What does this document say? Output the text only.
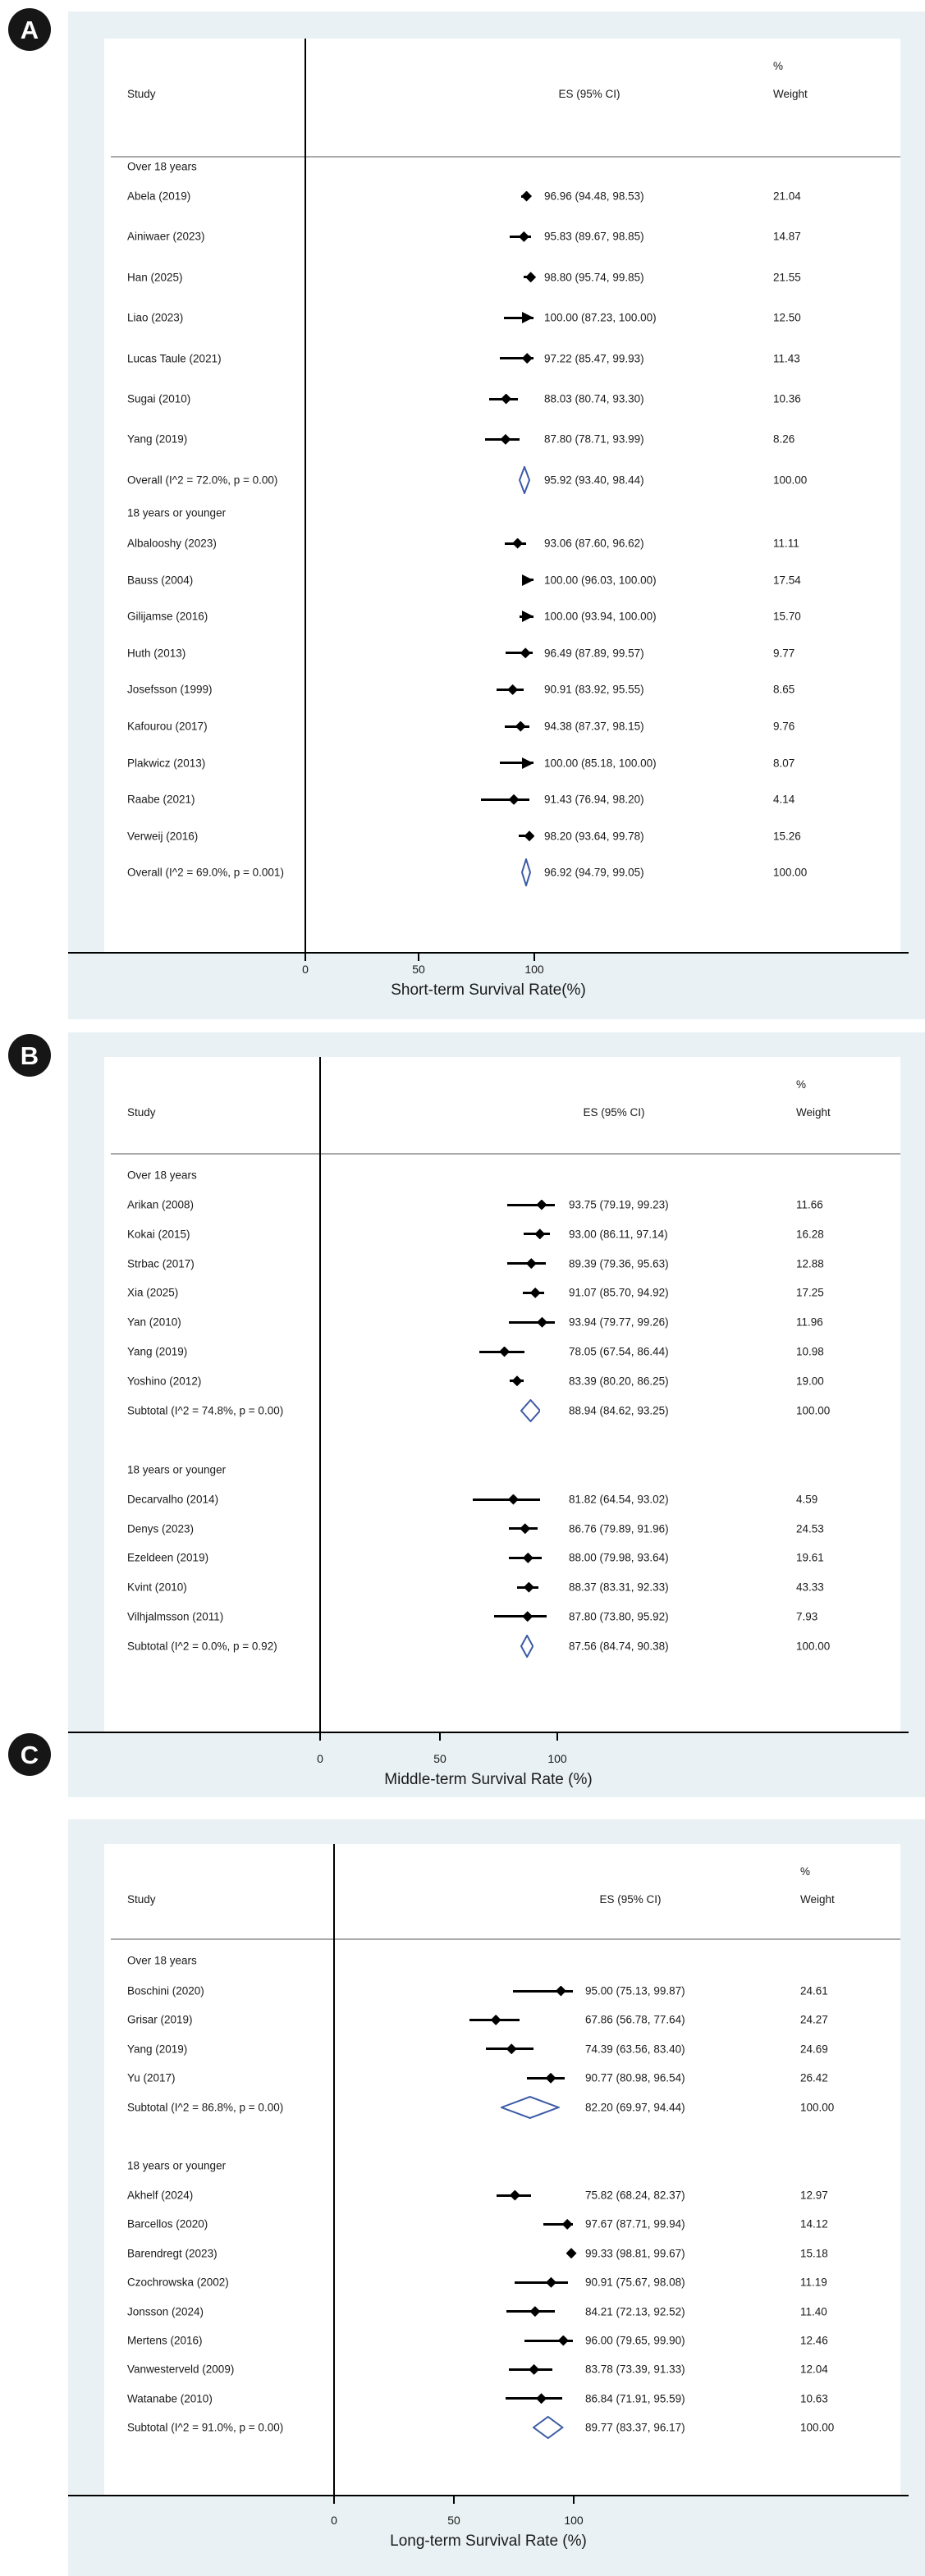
A
Study
%
ES (95% CI)	Weight
Over 18 years
Abela (2019)	96.96 (94.48, 98.53)	21.04
Ainiwaer (2023)	95.83 (89.67, 98.85)	14.87
Han (2025)	98.80 (95.74, 99.85)	21.55
Liao (2023)	100.00 (87.23, 100.00)	12.50
Lucas Taule (2021)	97.22 (85.47, 99.93)	11.43
Sugai (2010)	88.03 (80.74, 93.30)	10.36
Yang (2019)	87.80 (78.71, 93.99)	8.26
Overall (I^2 = 72.0%, p = 0.00)	95.92 (93.40, 98.44)	100.00
18 years or younger
Albalooshy (2023)	93.06 (87.60, 96.62)	11.11
Bauss (2004)	100.00 (96.03, 100.00)	17.54
Gilijamse (2016)	100.00 (93.94, 100.00)	15.70
Huth (2013)	96.49 (87.89, 99.57)	9.77
Josefsson (1999)	90.91 (83.92, 95.55)	8.65
Kafourou (2017)	94.38 (87.37, 98.15)	9.76
Plakwicz (2013)	100.00 (85.18, 100.00)	8.07
Raabe (2021)	91.43 (76.94, 98.20)	4.14
Verweij (2016)	98.20 (93.64, 99.78)	15.26
Overall (I^2 = 69.0%, p = 0.001)	96.92 (94.79, 99.05)	100.00
0	50	100
Short-term Survival Rate(%)
B
Study
%
ES (95% CI)	Weight
Over 18 years
Arikan (2008)	93.75 (79.19, 99.23)	11.66
Kokai (2015)	93.00 (86.11, 97.14)	16.28
Strbac (2017)	89.39 (79.36, 95.63)	12.88
Xia (2025)	91.07 (85.70, 94.92)	17.25
Yan (2010)	93.94 (79.77, 99.26)	11.96
Yang (2019)	78.05 (67.54, 86.44)	10.98
Yoshino (2012)	83.39 (80.20, 86.25)	19.00
Subtotal (I^2 = 74.8%, p = 0.00)	88.94 (84.62, 93.25)	100.00
18 years or younger
Decarvalho (2014)	81.82 (64.54, 93.02)	4.59
Denys (2023)	86.76 (79.89, 91.96)	24.53
Ezeldeen (2019)	88.00 (79.98, 93.64)	19.61
Kvint (2010)	88.37 (83.31, 92.33)	43.33
Vilhjalmsson (2011)	87.80 (73.80, 95.92)	7.93
Subtotal (I^2 = 0.0%, p = 0.92)	87.56 (84.74, 90.38)	100.00
0	50	100
Middle-term Survival Rate (%)
C
Study
%
ES (95% CI)	Weight
Over 18 years
Boschini (2020)	95.00 (75.13, 99.87)	24.61
Grisar (2019)	67.86 (56.78, 77.64)	24.27
Yang (2019)	74.39 (63.56, 83.40)	24.69
Yu (2017)	90.77 (80.98, 96.54)	26.42
Subtotal (I^2 = 86.8%, p = 0.00)	82.20 (69.97, 94.44)	100.00
18 years or younger
Akhelf (2024)	75.82 (68.24, 82.37)	12.97
Barcellos (2020)	97.67 (87.71, 99.94)	14.12
Barendregt (2023)	99.33 (98.81, 99.67)	15.18
Czochrowska (2002)	90.91 (75.67, 98.08)	11.19
Jonsson (2024)	84.21 (72.13, 92.52)	11.40
Mertens (2016)	96.00 (79.65, 99.90)	12.46
Vanwesterveld (2009)	83.78 (73.39, 91.33)	12.04
Watanabe (2010)	86.84 (71.91, 95.59)	10.63
Subtotal (I^2 = 91.0%, p = 0.00)	89.77 (83.37, 96.17)	100.00
0	50	100
Long-term Survival Rate (%)
